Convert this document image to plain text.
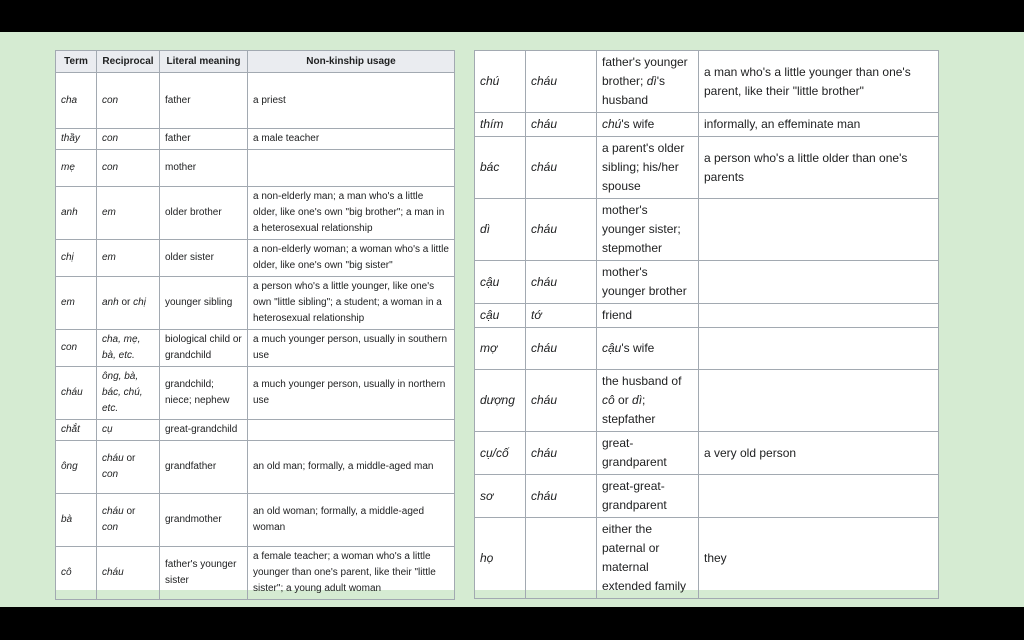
Term	Reciprocal	Literal meaning	Non-kinship usage
cha	con	father	a priest
thầy	con	father	a male teacher
mẹ	con	mother	
anh	em	older brother	a non-elderly man; a man who's a little older, like one's own "big brother"; a man in a heterosexual relationship
chị	em	older sister	a non-elderly woman; a woman who's a little older, like one's own "big sister"
em	anh or chị	younger sibling	a person who's a little younger, like one's own "little sibling"; a student; a woman in a heterosexual relationship
con	cha, mẹ, bà, etc.	biological child or grandchild	a much younger person, usually in southern use
cháu	ông, bà, bác, chú, etc.	grandchild; niece; nephew	a much younger person, usually in northern use
chắt	cụ	great-grandchild	
ông	cháu or con	grandfather	an old man; formally, a middle-aged man
bà	cháu or con	grandmother	an old woman; formally, a middle-aged woman
cô	cháu	father's younger sister	a female teacher; a woman who's a little younger than one's parent, like their "little sister"; a young adult woman
chú	cháu	father's younger brother; dì's husband	a man who's a little younger than one's parent, like their "little brother"
thím	cháu	chú's wife	informally, an effeminate man
bác	cháu	a parent's older sibling; his/her spouse	a person who's a little older than one's parents
dì	cháu	mother's younger sister; stepmother	
cậu	cháu	mother's younger brother	
cậu	tớ	friend	
mợ	cháu	cậu's wife	
dượng	cháu	the husband of cô or dì; stepfather	
cụ/cố	cháu	great-grandparent	a very old person
sơ	cháu	great-great-grandparent	
họ		either the paternal or maternal extended family	they
